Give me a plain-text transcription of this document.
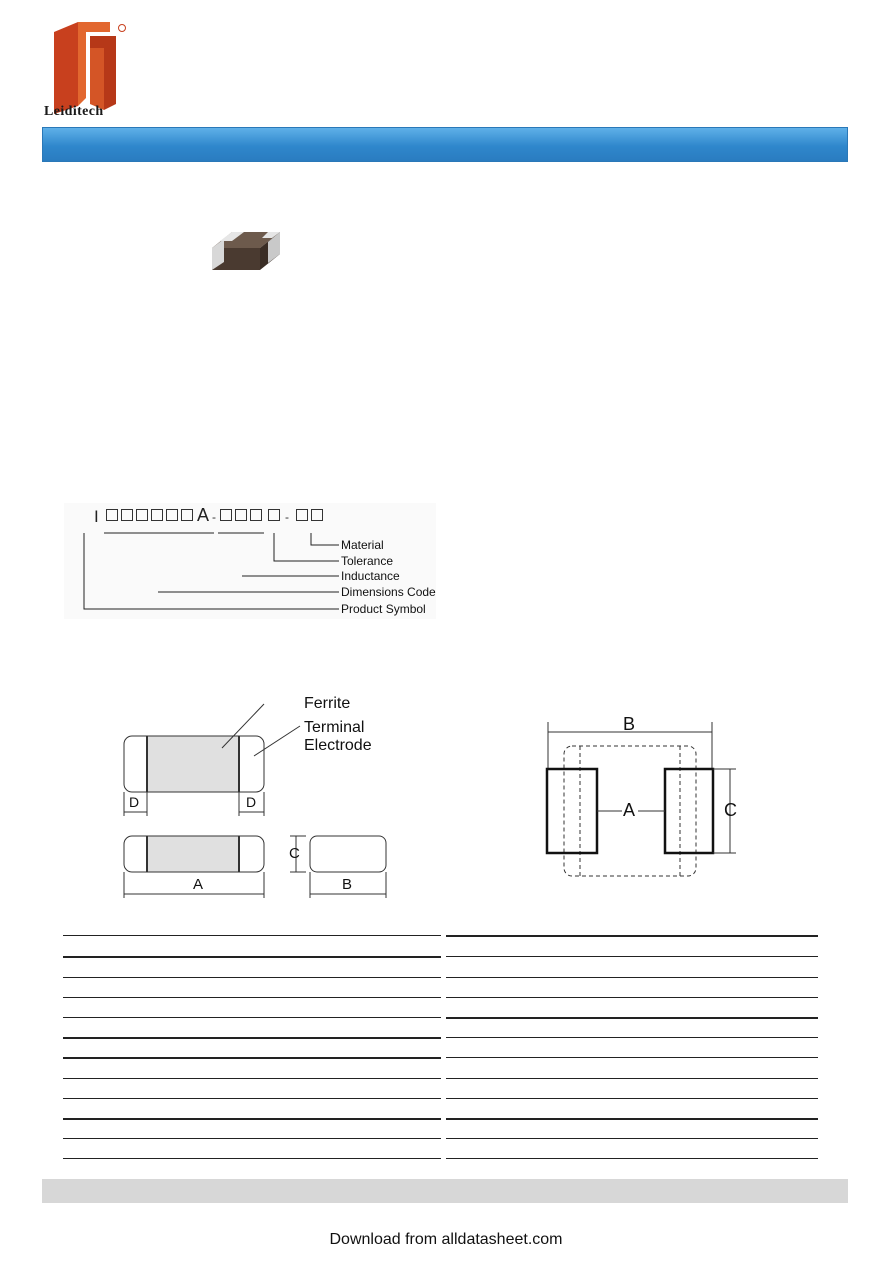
Leiditech
I	A -	-
Material
Tolerance
Inductance
Dimensions Code
Product Symbol
Ferrite
Terminal
Electrode
D	D
A	B
C
B
A	C
Download from alldatasheet.com
